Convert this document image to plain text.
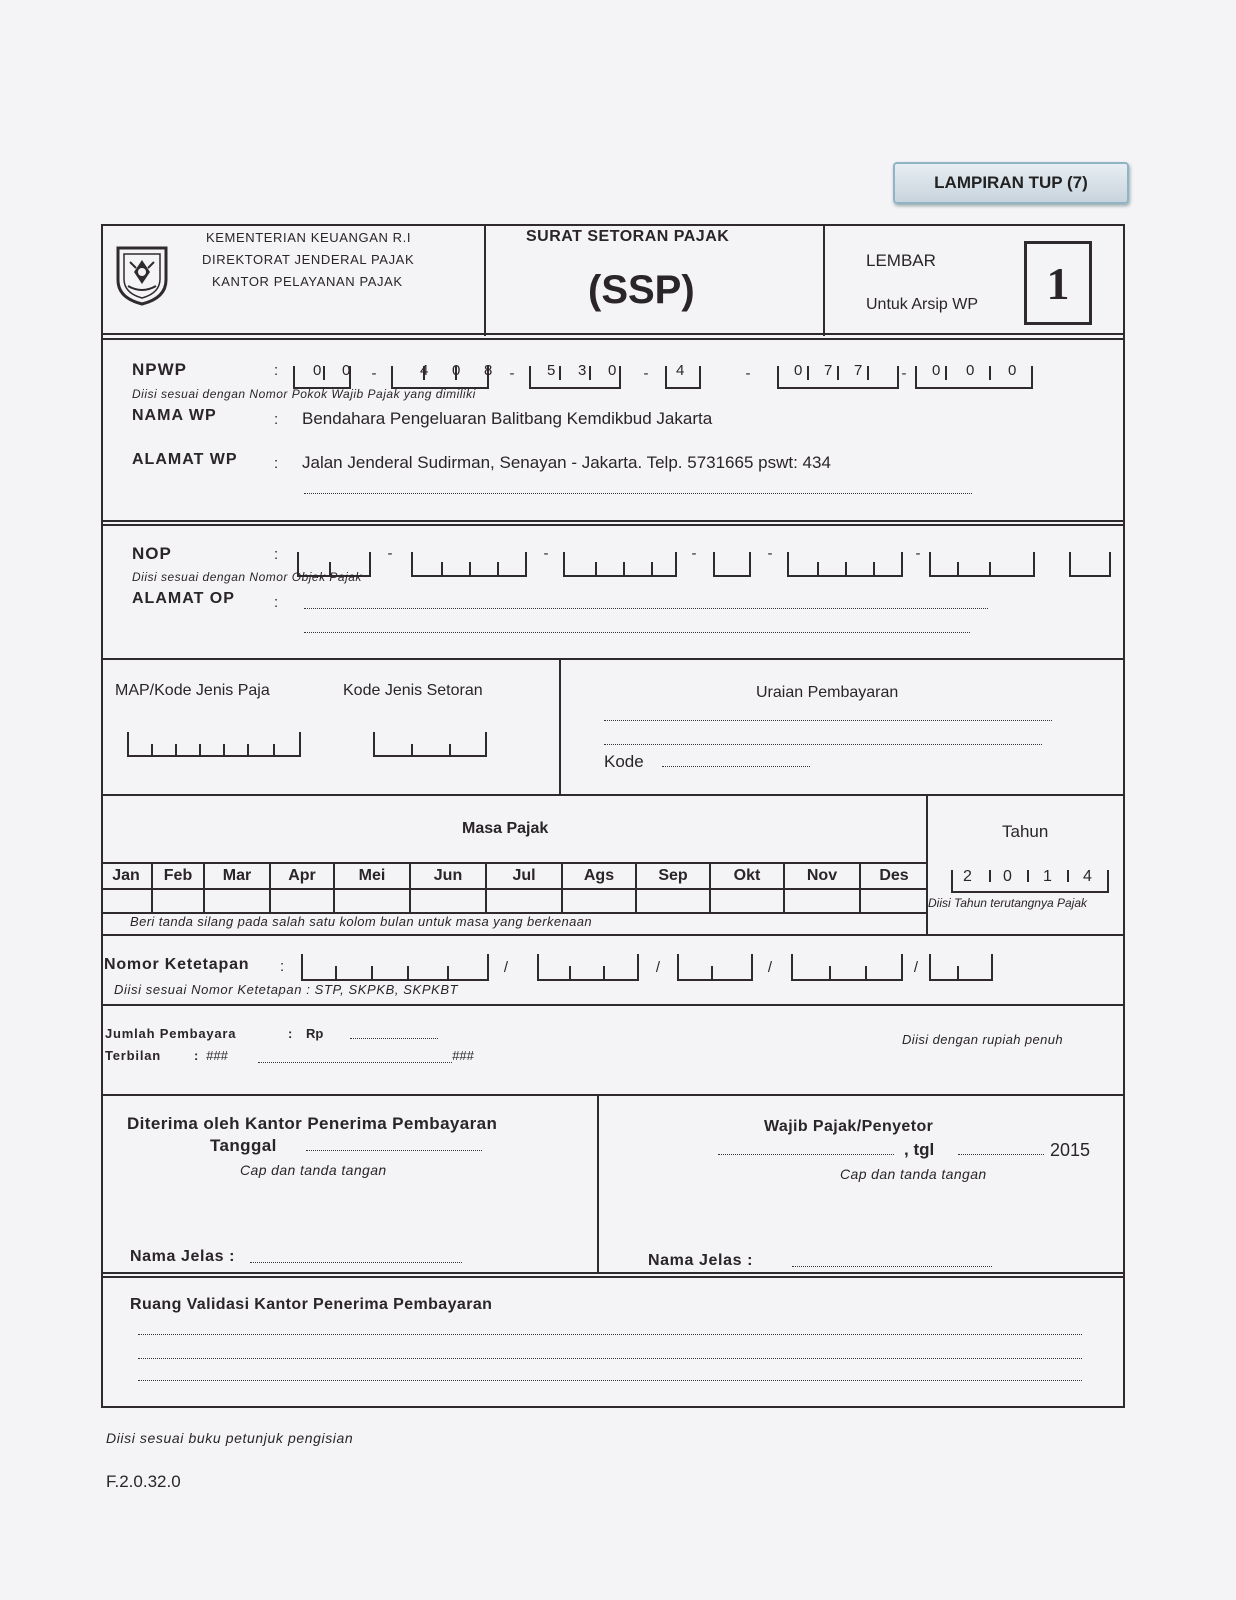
LAMPIRAN TUP (7)
KEMENTERIAN KEUANGAN R.I
DIREKTORAT JENDERAL PAJAK
KANTOR PELAYANAN PAJAK
SURAT SETORAN PAJAK
(SSP)
LEMBAR
Untuk Arsip WP 1
NPWP	:	-	-	-	-	-
0 0	4 0 8	5 3 0	4	0 7 7	0 0 0
Diisi sesuai dengan Nomor Pokok Wajib Pajak yang dimiliki
NAMA WP	: Bendahara Pengeluaran Balitbang Kemdikbud Jakarta
ALAMAT WP : Jalan Jenderal Sudirman, Senayan - Jakarta. Telp. 5731665 pswt: 434
NOP	:	-	-	-	-	-
Diisi sesuai dengan Nomor Objek Pajak
ALAMAT OP	:
MAP/Kode Jenis Paja	Kode Jenis Setoran	Uraian Pembayaran
Kode
Masa Pajak	Tahun
Jan Feb Mar Apr	Mei	Jun	Jul	Ags	Sep	Okt	Nov	Des
Beri tanda silang pada salah satu kolom bulan untuk masa yang berkenaan
2 0 1 4
Diisi Tahun terutangnya Pajak
Nomor Ketetapan :	/	/	/	/
Diisi sesuai Nomor Ketetapan : STP, SKPKB, SKPKBT
Jumlah Pembayara	: Rp
Terbilan	: ###	###
Diisi dengan rupiah penuh
Diterima oleh Kantor Penerima Pembayaran
Tanggal
Cap dan tanda tangan
Nama Jelas :
Wajib Pajak/Penyetor
, tgl	2015
Cap dan tanda tangan
Nama Jelas :
Ruang Validasi Kantor Penerima Pembayaran
Diisi sesuai buku petunjuk pengisian
F.2.0.32.0
